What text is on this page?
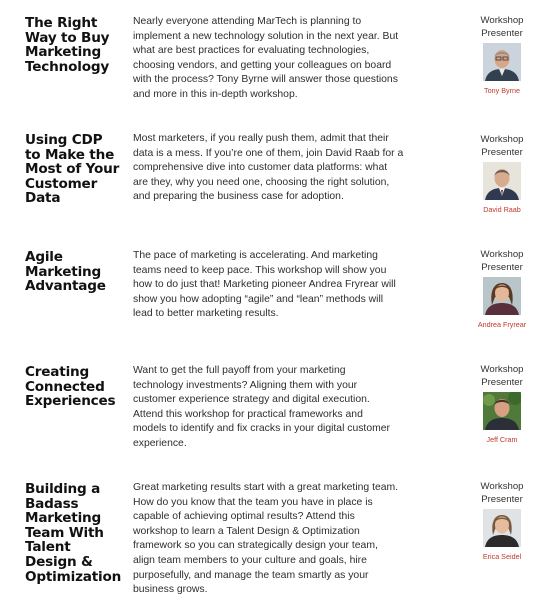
The Right
Way to Buy
Marketing
Technology
Nearly everyone attending MarTech is planning to
implement a new technology solution in the next year. But
what are best practices for evaluating technologies,
choosing vendors, and getting your colleagues on board
with the process? Tony Byrne will answer those questions
and more in this in-depth workshop.
Workshop Presenter
Tony Byrne
Using CDP
to Make the
Most of Your
Customer
Data
Most marketers, if you really push them, admit that their
data is a mess. If you’re one of them, join David Raab for a
comprehensive dive into customer data platforms: what
are they, why you need one, choosing the right solution,
and preparing the business case for adoption.
Workshop Presenter
David Raab
Agile
Marketing
Advantage
The pace of marketing is accelerating. And marketing
teams need to keep pace. This workshop will show you
how to do just that! Marketing pioneer Andrea Fryrear will
show you how adopting “agile” and “lean” methods will
lead to better marketing results.
Workshop Presenter
Andrea Fryrear
Creating
Connected
Experiences
Want to get the full payoff from your marketing
technology investments? Aligning them with your
customer experience strategy and digital execution.
Attend this workshop for practical frameworks and
models to identify and fix cracks in your digital customer
experience.
Workshop Presenter
Jeff Cram
Building a
Badass
Marketing
Team With
Talent
Design &
Optimization
Great marketing results start with a great marketing team.
How do you know that the team you have in place is
capable of achieving optimal results? Attend this
workshop to learn a Talent Design & Optimization
framework so you can strategically design your team,
align team members to your culture and goals, hire
purposefully, and manage the team smartly as your
business grows.
Workshop Presenter
Erica Seidel
